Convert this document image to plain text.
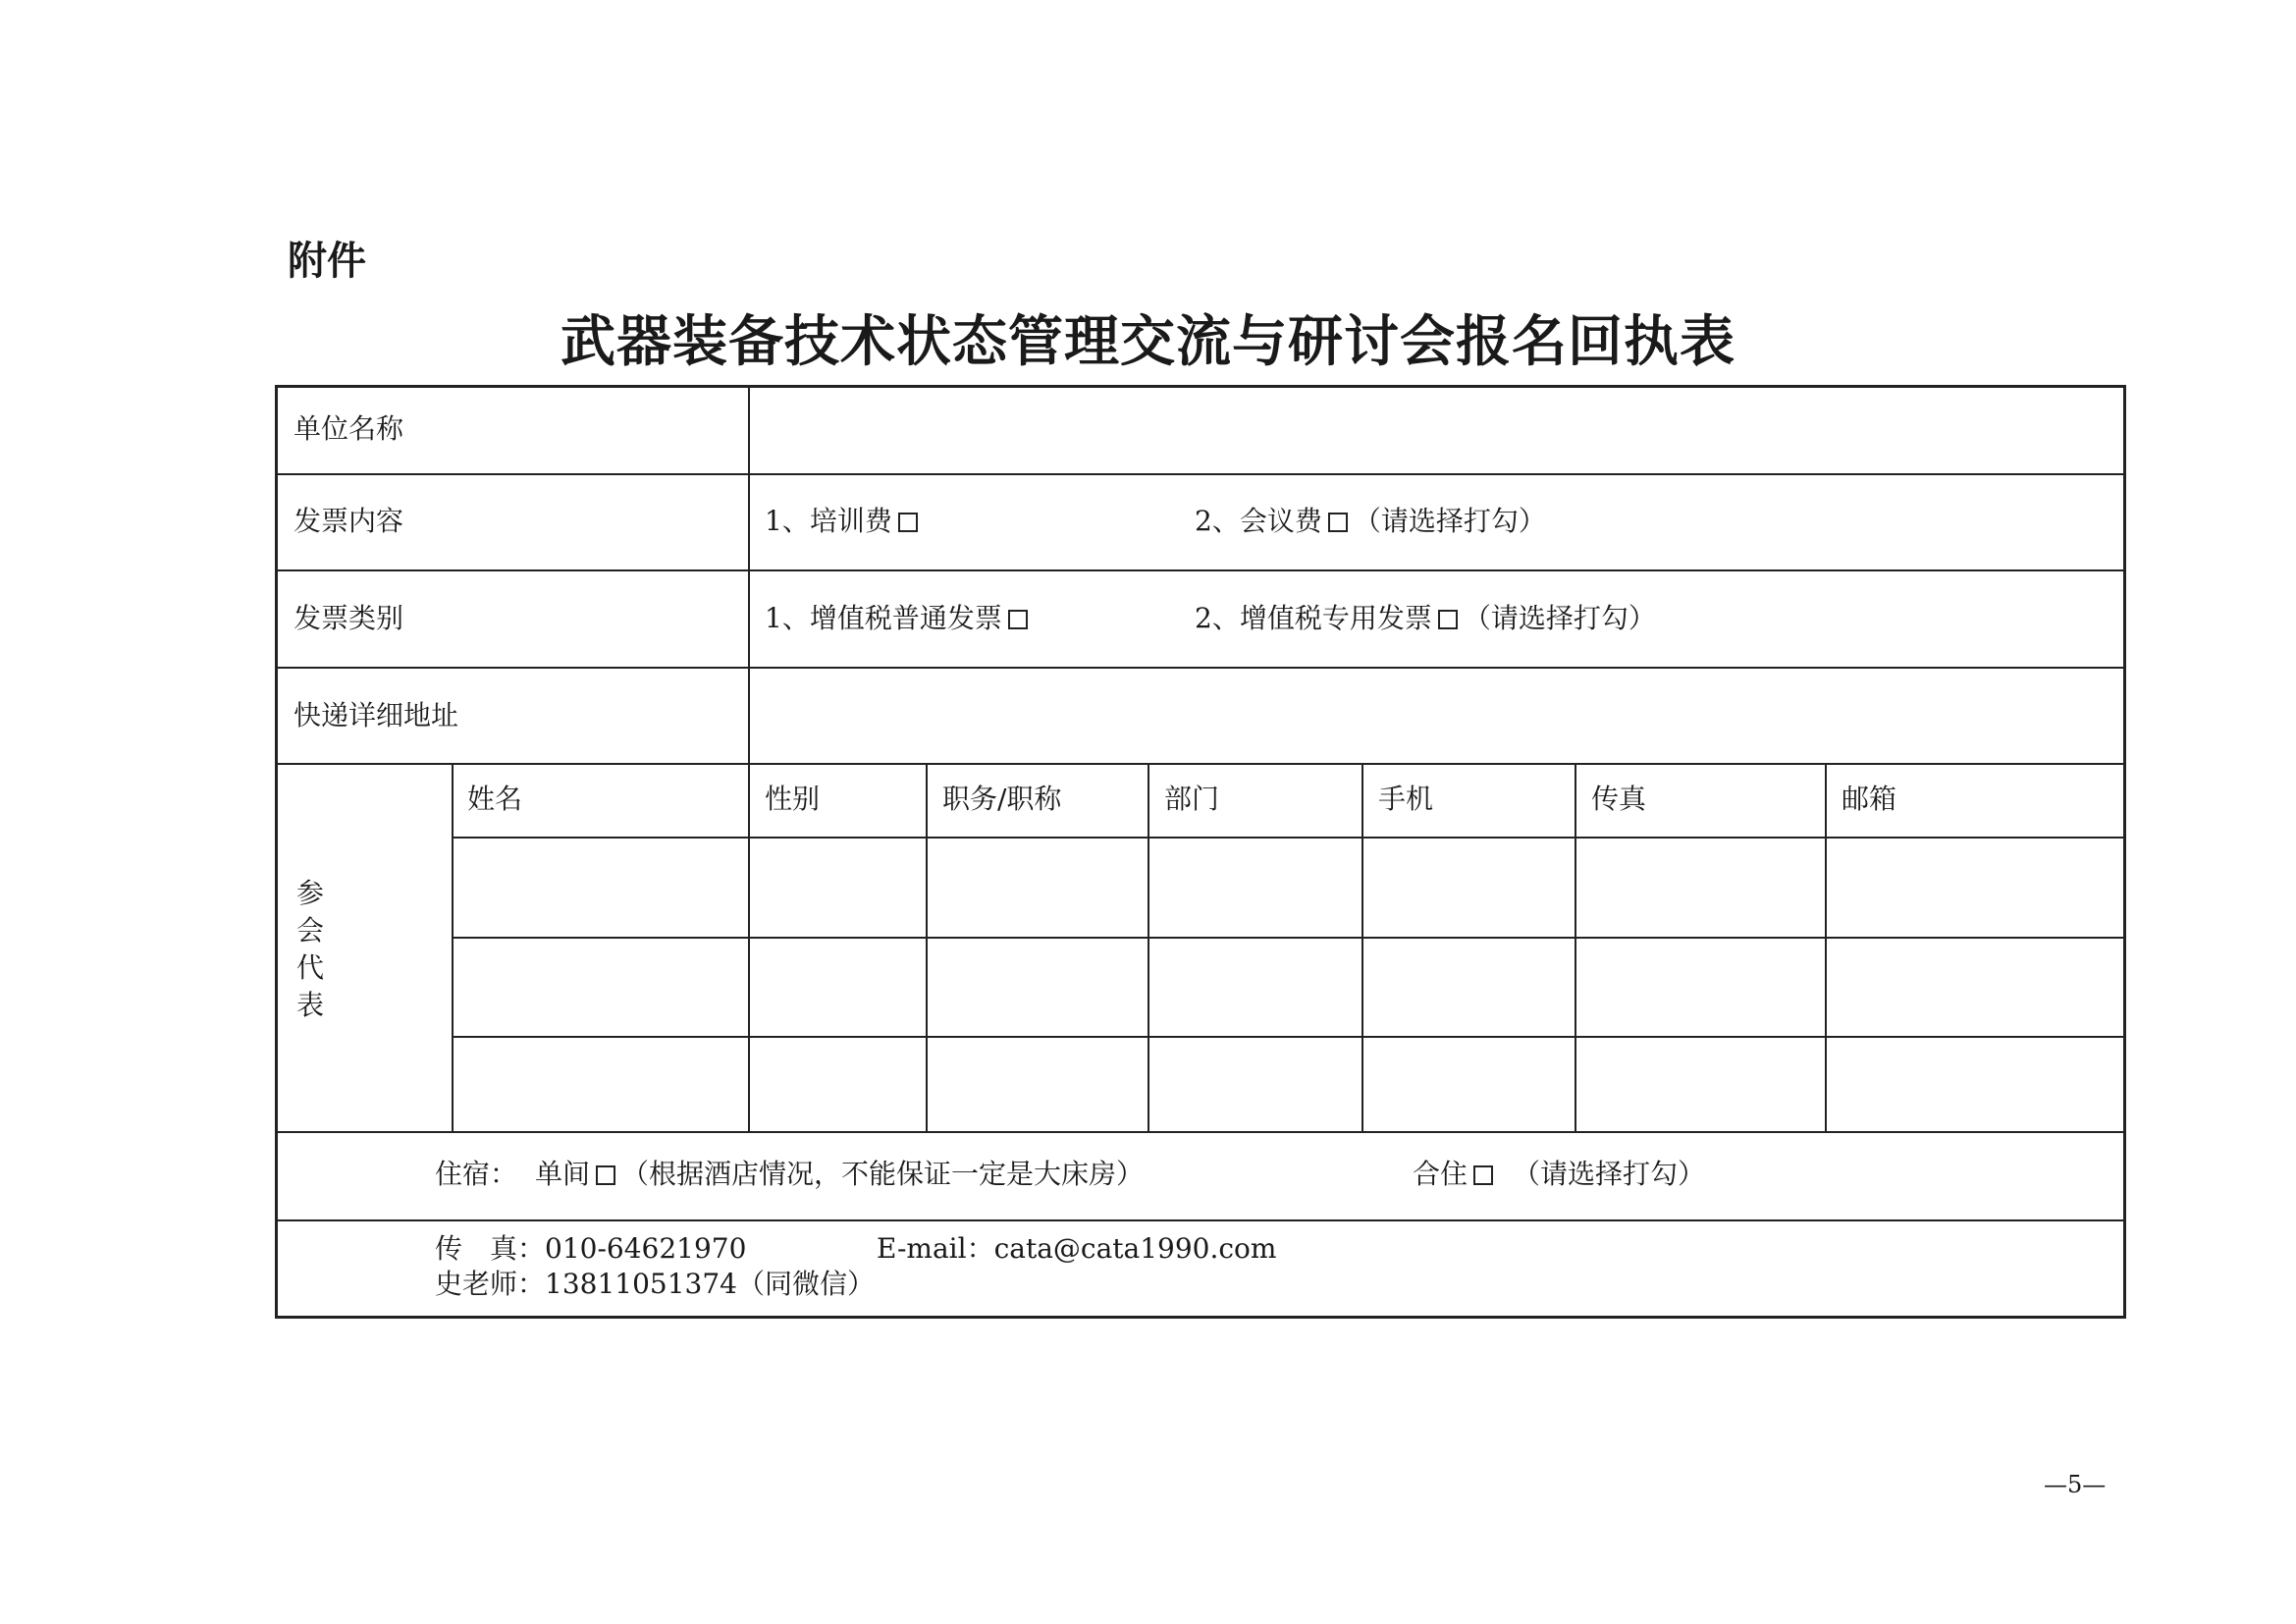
附件
武器装备技术状态管理交流与研讨会报名回执表
单位名称
发票内容	1、培训费	2、会议费 （请选择打勾）
发票类别	1、增值税普通发票	2、增值税专用发票 （请选择打勾）
快递详细地址
参会代表
姓名	性别	职务/职称	部门	手机	传真	邮箱
住宿： 单间 （根据酒店情况，不能保证一定是大床房）	合住 （请选择打勾）
传　真：010-64621970	E-mail：cata@cata1990.com
史老师：13811051374（同微信）
—5—
